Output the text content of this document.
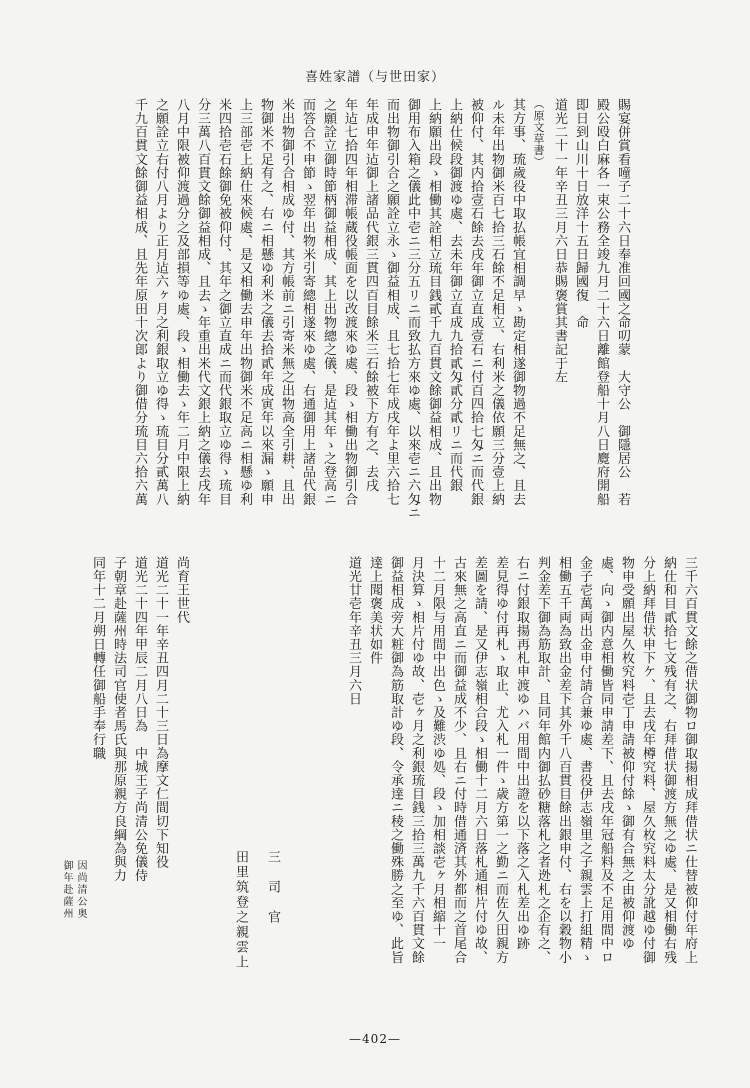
喜姓家譜（与世田家）
賜宴併賞看噇子二十六日奉准回國之命叨蒙　大守公　御隱居公　若
殿公殴白麻各一束公務全竣九月二十六日離館登船十月八日麑府開船
即日到山川十日放洋十五日歸國復　命
道光二十一年辛丑三月六日恭賜褒賞其書記于左
（原文草書）
其方事、琉歲役中取払帳宜相調早ゝ勘定相遂御物過不足無之、且去
ル未年出物御米百七拾三石餘不足相立、右利米之儀依願三分壹上納
被仰付、其内拾壹石餘去戌年御立直成壹石ニ付百四拾七匁ニ而代銀
上納仕候段御渡ゆ處、去未年御立直成九拾貳匁貳分貳リニ而代銀
上納願出段ゝ相働其詮相立琉目銭貳千九百貫文餘御益相成、且出物
御用布入箱之儀此中壱ニ三分五リニ而致払方來ゆ處、以來壱ニ六匁ニ
而出物御引合之願詮立永ゝ御益相成、且七拾七年成戌年よ里六拾七
年成申年迠御上諸品代銀三貫四百目餘米三石餘被下方有之、去戌
年迠七拾四年相滞帳蔵役帳面を以改渡來ゆ處、段ゝ相働出物御引合
之願詮立御時節柄御益相成、其上出物總之儀、是迠其年ゝ之登高ニ
而答合不申節ゝ翌年出物米引寄總相遂來ゆ處、右通御用上諸品代銀
米出物御引合相成ゆ付、其方帳前ニ引寄米無之出物高全引耕、且出
物御米不足有之、右ニ相懸ゆ利米之儀去拾貳年成寅年以來漏ゝ願申
上三部壱上納仕來候處、是又相働去申年出物御米不足高ニ相懸ゆ利
米四拾壱石餘御免被仰付、其年之御立直成ニ而代銀取立ゆ得ゝ琉目
分三萬八百貫文餘御益相成、且去ゝ年重出米代文銀上納之儀去戌年
八月中限被仰渡過分之及部損等ゆ處、段ゝ相働去ゝ年二月中限上納
之願詮立右付八月より正月迠六ヶ月之利銀取立ゆ得ゝ琉目分貳萬八
千九百貫文餘御益相成、且先年原田十次郎より御借分琉目六拾六萬
三千六百貫文餘之借状御物ロ御取揚相成拜借状ニ仕替被仰付年府上
納仕和目貳拾七文残有之、右拜借状御渡方無之ゆ處、是又相働右残
分上納拜借状申下ケ、且去戌年樽究料、屋久枚究料太分訛越ゆ付御
物申受願出屋久枚究料壱丁申請被仰付餘ゝ御有合無之由被仰渡ゆ
處、向ゝ御内意相働皆同申請差下、且去戌年冠船料及不足用間中ロ
金子壱萬両出金申付請合兼ゆ處、書役伊志嶺里之子親雲上打組精ゝ
相働五千両為致出金差下其外千八百貫目餘出銀申付、右を以穀物小
判金差下御為筋取計、且同年館内御払砂糖落札之者迯札之企有之、
右ニ付銀取揚再札申渡ゆハバ用間中出證を以下落之入札差出ゆ跡
差見得ゆ付再札ゝ取止、尤入札一件ゝ歳方第一之勤ニ而佐久田親方
差圖を請、是又伊志嶺相合段ゝ相働十二月六日落札通相片付ゆ故、
古來無之高直ニ而御益成不少、且右ニ付時借通済其外都而之首尾合
十二月限与用間中出色ゝ及難渋ゆ処、段ゝ加相談壱ヶ月相縮十一
月決算ゝ相片付ゆ故、壱ヶ月之利銀琉目銭三拾三萬九千六百貫文餘
御益相成旁大粧御為筋取計ゆ段、令承達ニ稜之働殊勝之至ゆ、此旨
達上聞褒美状如件
道光廿壱年辛丑三月六日
三　司　官
田里筑登之親雲上
尚育王世代
道光二十一年辛丑四月二十三日為摩文仁間切下知役
道光二十四年甲辰二月八日為　中城王子尚清公免儀侍
子朝章赴薩州時法司官使者馬氏與那原親方良綱為與力
同年十二月朔日轉任御船手奉行職
御年赴薩州 因尚清公奥
—402—
